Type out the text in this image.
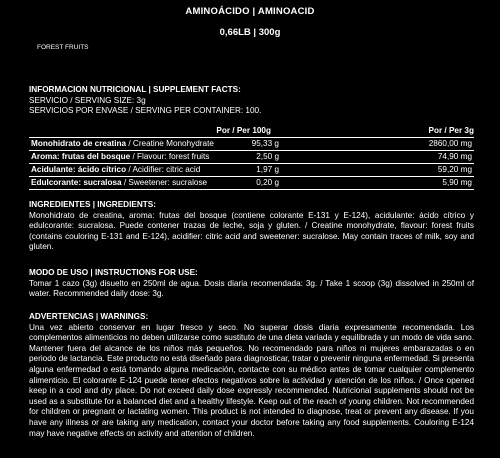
AMINOÁCIDO | AMINOACID
0,66LB | 300g
FOREST FRUITS
INFORMACION NUTRICIONAL | SUPPLEMENT FACTS:
SERVICIO / SERVING SIZE: 3g
SERVICIOS POR ENVASE / SERVING PER CONTAINER: 100.
Por / Per 100g	Por / Per 3g
Monohidrato de creatina / Creatine Monohydrate	95,33 g	2860,00 mg
Aroma: frutas del bosque / Flavour: forest fruits	2,50 g	74,90 mg
Acidulante: ácido cítrico / Acidifier: citric acid	1,97 g	59,20 mg
Edulcorante: sucralosa / Sweetener: sucralose	0,20 g	5,90 mg
INGREDIENTES | INGREDIENTS:
Monohidrato de creatina, aroma: frutas del bosque (contiene colorante E-131 y E-124), acidulante: ácido cítrico y edulcorante: sucralosa. Puede contener trazas de leche, soja y gluten. / Creatine monohydrate, flavour: forest fruits (contains couloring E-131 and E-124), acidifier: citric acid and sweetener: sucralose. May contain traces of milk, soy and gluten.
MODO DE USO | INSTRUCTIONS FOR USE:
Tomar 1 cazo (3g) disuelto en 250ml de agua. Dosis diaria recomendada: 3g. / Take 1 scoop (3g) dissolved in 250ml of water. Recommended daily dose: 3g.
ADVERTENCIAS | WARNINGS:
Una vez abierto conservar en lugar fresco y seco. No superar dosis diaria expresamente recomendada. Los complementos alimenticios no deben utilizarse como sustituto de una dieta variada y equilibrada y un modo de vida sano. Mantener fuera del alcance de los niños más pequeños. No recomendado para niños ni mujeres embarazadas o en periodo de lactancia. Este producto no está diseñado para diagnosticar, tratar o prevenir ninguna enfermedad. Si presenta alguna enfermedad o está tomando alguna medicación, contacte con su médico antes de tomar cualquier complemento alimenticio. El colorante E-124 puede tener efectos negativos sobre la actividad y atención de los niños. / Once opened keep in a cool and dry place. Do not exceed daily dose expressly recommended. Nutricional supplements should not be used as a substitute for a balanced diet and a healthy lifestyle. Keep out of the reach of young children. Not recommended for children or pregnant or lactating women. This product is not intended to diagnose, treat or prevent any disease. If you have any illness or are taking any medication, contact your doctor before taking any food supplements. Couloring E-124 may have negative effects on activity and attention of children.
